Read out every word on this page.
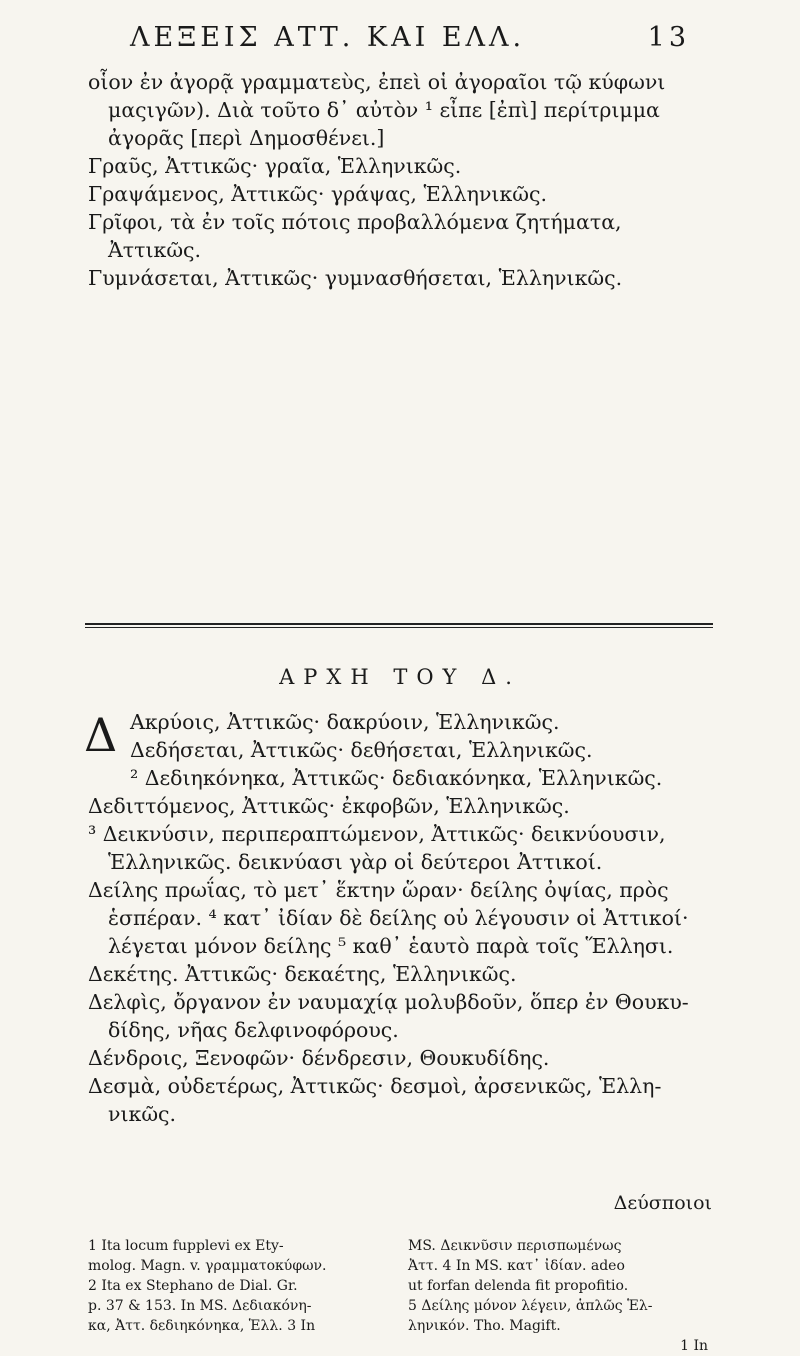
ΛΕΞΕΙΣ ΑΤΤ. ΚΑΙ ΕΛΛ.	13
οἷον ἐν ἀγορᾷ γραμματεὺς, ἐπεὶ οἱ ἀγοραῖοι τῷ κύφωνι
μαςιγῶν). Διὰ τοῦτο δ᾽ αὐτὸν ¹ εἶπε [ἐπὶ] περίτριμμα
ἀγορᾶς [περὶ Δημοσθένει.]
Γραῦς, Ἀττικῶς· γραῖα, Ἑλληνικῶς.
Γραψάμενος, Ἀττικῶς· γράψας, Ἑλληνικῶς.
Γρῖφοι, τὰ ἐν τοῖς πότοις προβαλλόμενα ζητήματα,
Ἀττικῶς.
Γυμνάσεται, Ἀττικῶς· γυμνασθήσεται, Ἑλληνικῶς.
ΑΡΧΗ ΤΟΥ Δ.
Δ Ακρύοις, Ἀττικῶς· δακρύοιν, Ἑλληνικῶς.
Δεδήσεται, Ἀττικῶς· δεθήσεται, Ἑλληνικῶς.
² Δεδιηκόνηκα, Ἀττικῶς· δεδιακόνηκα, Ἑλληνικῶς.
Δεδιττόμενος, Ἀττικῶς· ἐκφοβῶν, Ἑλληνικῶς.
³ Δεικνύσιν, περιπεραπτώμενον, Ἀττικῶς· δεικνύουσιν,
Ἑλληνικῶς. δεικνύασι γὰρ οἱ δεύτεροι Ἀττικοί.
Δείλης πρωΐας, τὸ μετ᾽ ἕκτην ὥραν· δείλης ὀψίας, πρὸς
ἑσπέραν. ⁴ κατ᾽ ἰδίαν δὲ δείλης οὐ λέγουσιν οἱ Ἀττικοί·
λέγεται μόνον δείλης ⁵ καθ᾽ ἑαυτὸ παρὰ τοῖς Ἕλλησι.
Δεκέτης. Ἀττικῶς· δεκαέτης, Ἑλληνικῶς.
Δελφὶς, ὄργανον ἐν ναυμαχίᾳ μολυβδοῦν, ὅπερ ἐν Θουκυ-
δίδης, νῆας δελφινοφόρους.
Δένδροις, Ξενοφῶν· δένδρεσιν, Θουκυδίδης.
Δεσμὰ, οὐδετέρως, Ἀττικῶς· δεσμοὶ, ἀρσενικῶς, Ἑλλη-
νικῶς.
Δεύσποιοι
1 Ita locum fupplevi ex Ety-
molog. Magn. v. γραμματοκύφων.
2 Ita ex Stephano de Dial. Gr.
p. 37 & 153. In MS. Δεδιακόνη-
κα, Ἀττ. δεδιηκόνηκα, Ἑλλ. 3 In
MS. Δεικνῦσιν περισπωμένως
Ἀττ. 4 In MS. κατ᾽ ἰδίαν. adeo
ut forfan delenda fit propofitio.
5 Δείλης μόνον λέγειν, ἁπλῶς Ἑλ-
ληνικόν. Tho. Magift.
1 In
